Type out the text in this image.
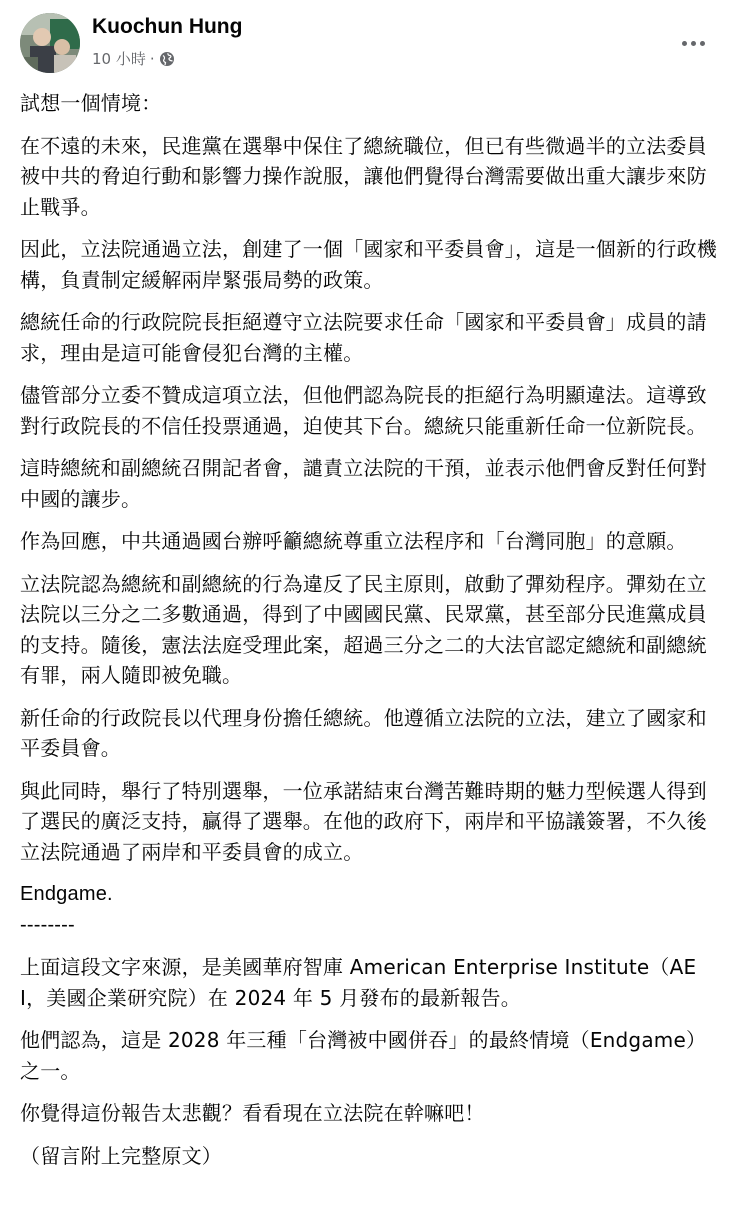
Kuochun Hung
10 小時 ·

試想一個情境：

在不遠的未來，民進黨在選舉中保住了總統職位，但已有些微過半的立法委員被中共的脅迫行動和影響力操作說服，讓他們覺得台灣需要做出重大讓步來防止戰爭。

因此，立法院通過立法，創建了一個「國家和平委員會」，這是一個新的行政機構，負責制定緩解兩岸緊張局勢的政策。

總統任命的行政院院長拒絕遵守立法院要求任命「國家和平委員會」成員的請求，理由是這可能會侵犯台灣的主權。

儘管部分立委不贊成這項立法，但他們認為院長的拒絕行為明顯違法。這導致對行政院長的不信任投票通過，迫使其下台。總統只能重新任命一位新院長。

這時總統和副總統召開記者會，譴責立法院的干預，並表示他們會反對任何對中國的讓步。

作為回應，中共通過國台辦呼籲總統尊重立法程序和「台灣同胞」的意願。

立法院認為總統和副總統的行為違反了民主原則，啟動了彈劾程序。彈劾在立法院以三分之二多數通過，得到了中國國民黨、民眾黨，甚至部分民進黨成員的支持。隨後，憲法法庭受理此案，超過三分之二的大法官認定總統和副總統有罪，兩人隨即被免職。

新任命的行政院長以代理身份擔任總統。他遵循立法院的立法，建立了國家和平委員會。

與此同時，舉行了特別選舉，一位承諾結束台灣苦難時期的魅力型候選人得到了選民的廣泛支持，贏得了選舉。在他的政府下，兩岸和平協議簽署，不久後立法院通過了兩岸和平委員會的成立。

Endgame.

--------

上面這段文字來源，是美國華府智庫 American Enterprise Institute（AEI，美國企業研究院）在 2024 年 5 月發布的最新報告。

他們認為，這是 2028 年三種「台灣被中國併吞」的最終情境（Endgame）之一。

你覺得這份報告太悲觀？看看現在立法院在幹嘛吧！

（留言附上完整原文）
